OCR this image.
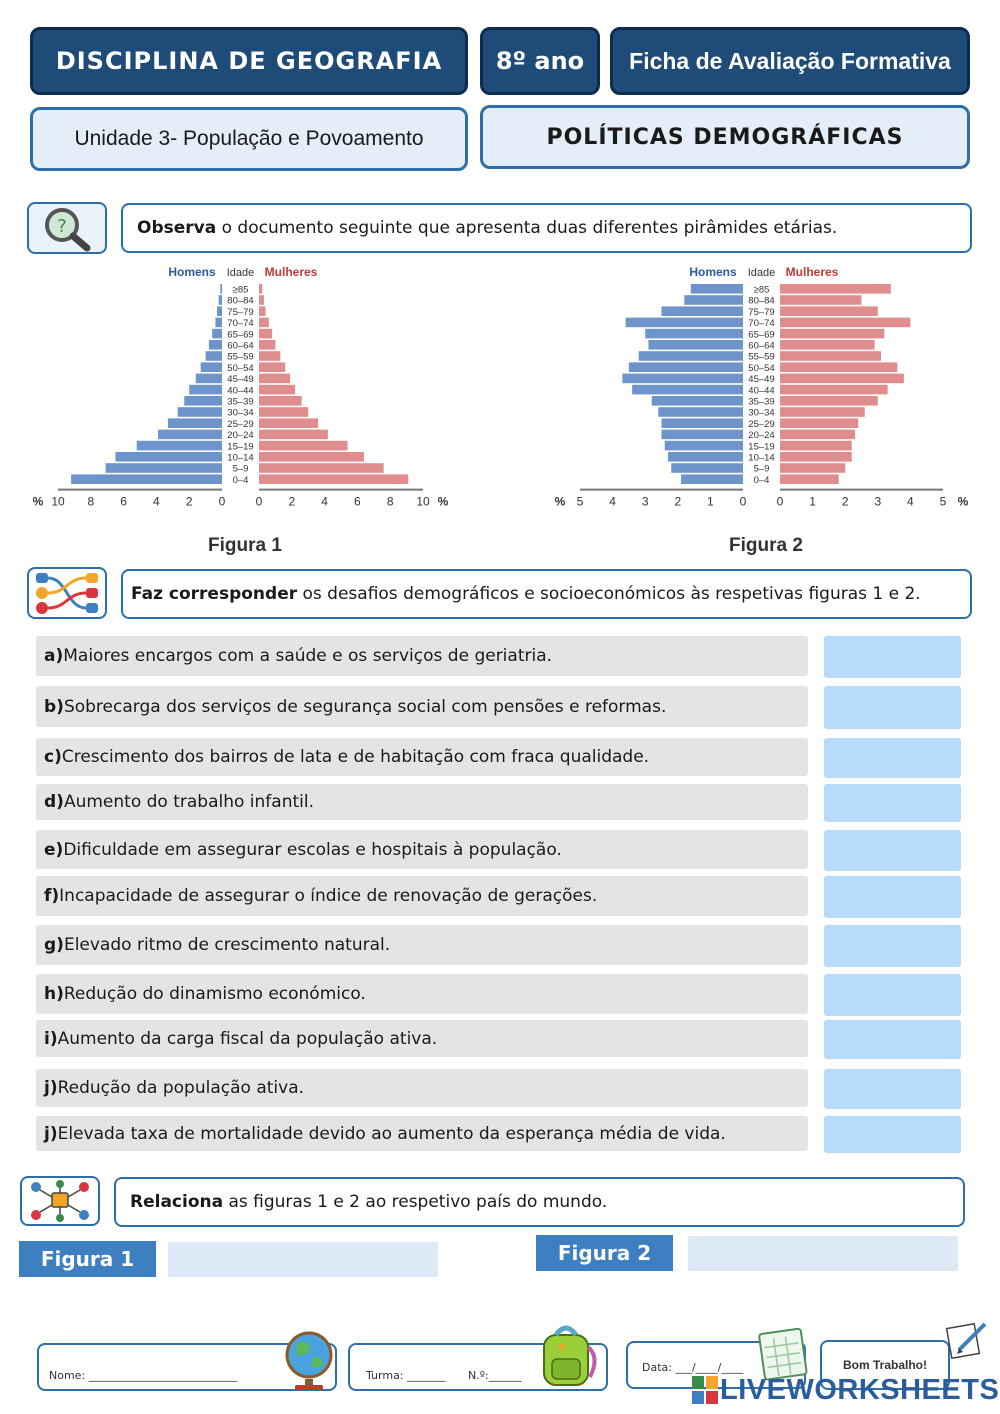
DISCIPLINA DE GEOGRAFIA 8º ano Ficha de Avaliação Formativa
Unidade 3- População e Povoamento	POLÍTICAS DEMOGRÁFICAS
?	Observa o documento seguinte que apresenta duas diferentes pirâmides etárias.
Homens Idade Mulheres
≥85
80–84
75–79
70–74
65–69
60–64
55–59
50–54
45–49
40–44
35–39
30–34
25–29
20–24
15–19
10–14
5–9
0–4
10 8 6 4 2 0	0 2 4 6 8 10
%	%
Figura 1
Homens Idade Mulheres
≥85
80–84
75–79
70–74
65–69
60–64
55–59
50–54
45–49
40–44
35–39
30–34
25–29
20–24
15–19
10–14
5–9
0–4
5 4 3 2 1 0	0 1 2 3 4 5
%	%
Figura 2
Faz corresponder os desafios demográficos e socioeconómicos às respetivas figuras 1 e 2.
a) Maiores encargos com a saúde e os serviços de geriatria.
b) Sobrecarga dos serviços de segurança social com pensões e reformas.
c) Crescimento dos bairros de lata e de habitação com fraca qualidade.
d) Aumento do trabalho infantil.
e) Dificuldade em assegurar escolas e hospitais à população.
f) Incapacidade de assegurar o índice de renovação de gerações.
g) Elevado ritmo de crescimento natural.
h) Redução do dinamismo económico.
i) Aumento da carga fiscal da população ativa.
j) Redução da população ativa.
j) Elevada taxa de mortalidade devido ao aumento da esperança média de vida.
Relaciona as figuras 1 e 2 ao respetivo país do mundo.
Figura 1	Figura 2
Nome: ___________________________	Turma: _______ N.º:______
Data: ___/____/____	Bom Trabalho!
LIVEWORKSHEETS
